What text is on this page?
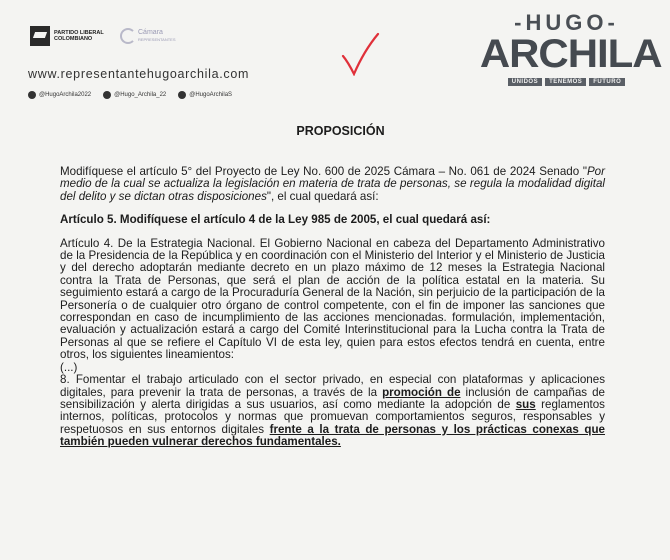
PARTIDO LIBERAL COLOMBIANO
Cámara
REPRESENTANTES
www.representantehugoarchila.com
@HugoArchila2022	@Hugo_Archila_22	@HugoArchilaS
-HUGO-
ARCHILA
UNIDOS	TENEMOS	FUTURO
PROPOSICIÓN

Modifíquese el artículo 5° del Proyecto de Ley No. 600 de 2025 Cámara – No. 061 de 2024 Senado "Por medio de la cual se actualiza la legislación en materia de trata de personas, se regula la modalidad digital del delito y se dictan otras disposiciones", el cual quedará así:

Artículo 5. Modifíquese el artículo 4 de la Ley 985 de 2005, el cual quedará así:

Artículo 4. De la Estrategia Nacional. El Gobierno Nacional en cabeza del Departamento Administrativo de la Presidencia de la República y en coordinación con el Ministerio del Interior y el Ministerio de Justicia y del derecho adoptarán mediante decreto en un plazo máximo de 12 meses la Estrategia Nacional contra la Trata de Personas, que será el plan de acción de la política estatal en la materia. Su seguimiento estará a cargo de la Procuraduría General de la Nación, sin perjuicio de la participación de la Personería o de cualquier otro órgano de control competente, con el fin de imponer las sanciones que correspondan en caso de incumplimiento de las acciones mencionadas. formulación, implementación, evaluación y actualización estará a cargo del Comité Interinstitucional para la Lucha contra la Trata de Personas al que se refiere el Capítulo VI de esta ley, quien para estos efectos tendrá en cuenta, entre otros, los siguientes lineamientos:

(...)

8. Fomentar el trabajo articulado con el sector privado, en especial con plataformas y aplicaciones digitales, para prevenir la trata de personas, a través de la promoción de inclusión de campañas de sensibilización y alerta dirigidas a sus usuarios, así como mediante la adopción de sus reglamentos internos, políticas, protocolos y normas que promuevan comportamientos seguros, responsables y respetuosos en sus entornos digitales frente a la trata de personas y los prácticas conexas que también pueden vulnerar derechos fundamentales.
